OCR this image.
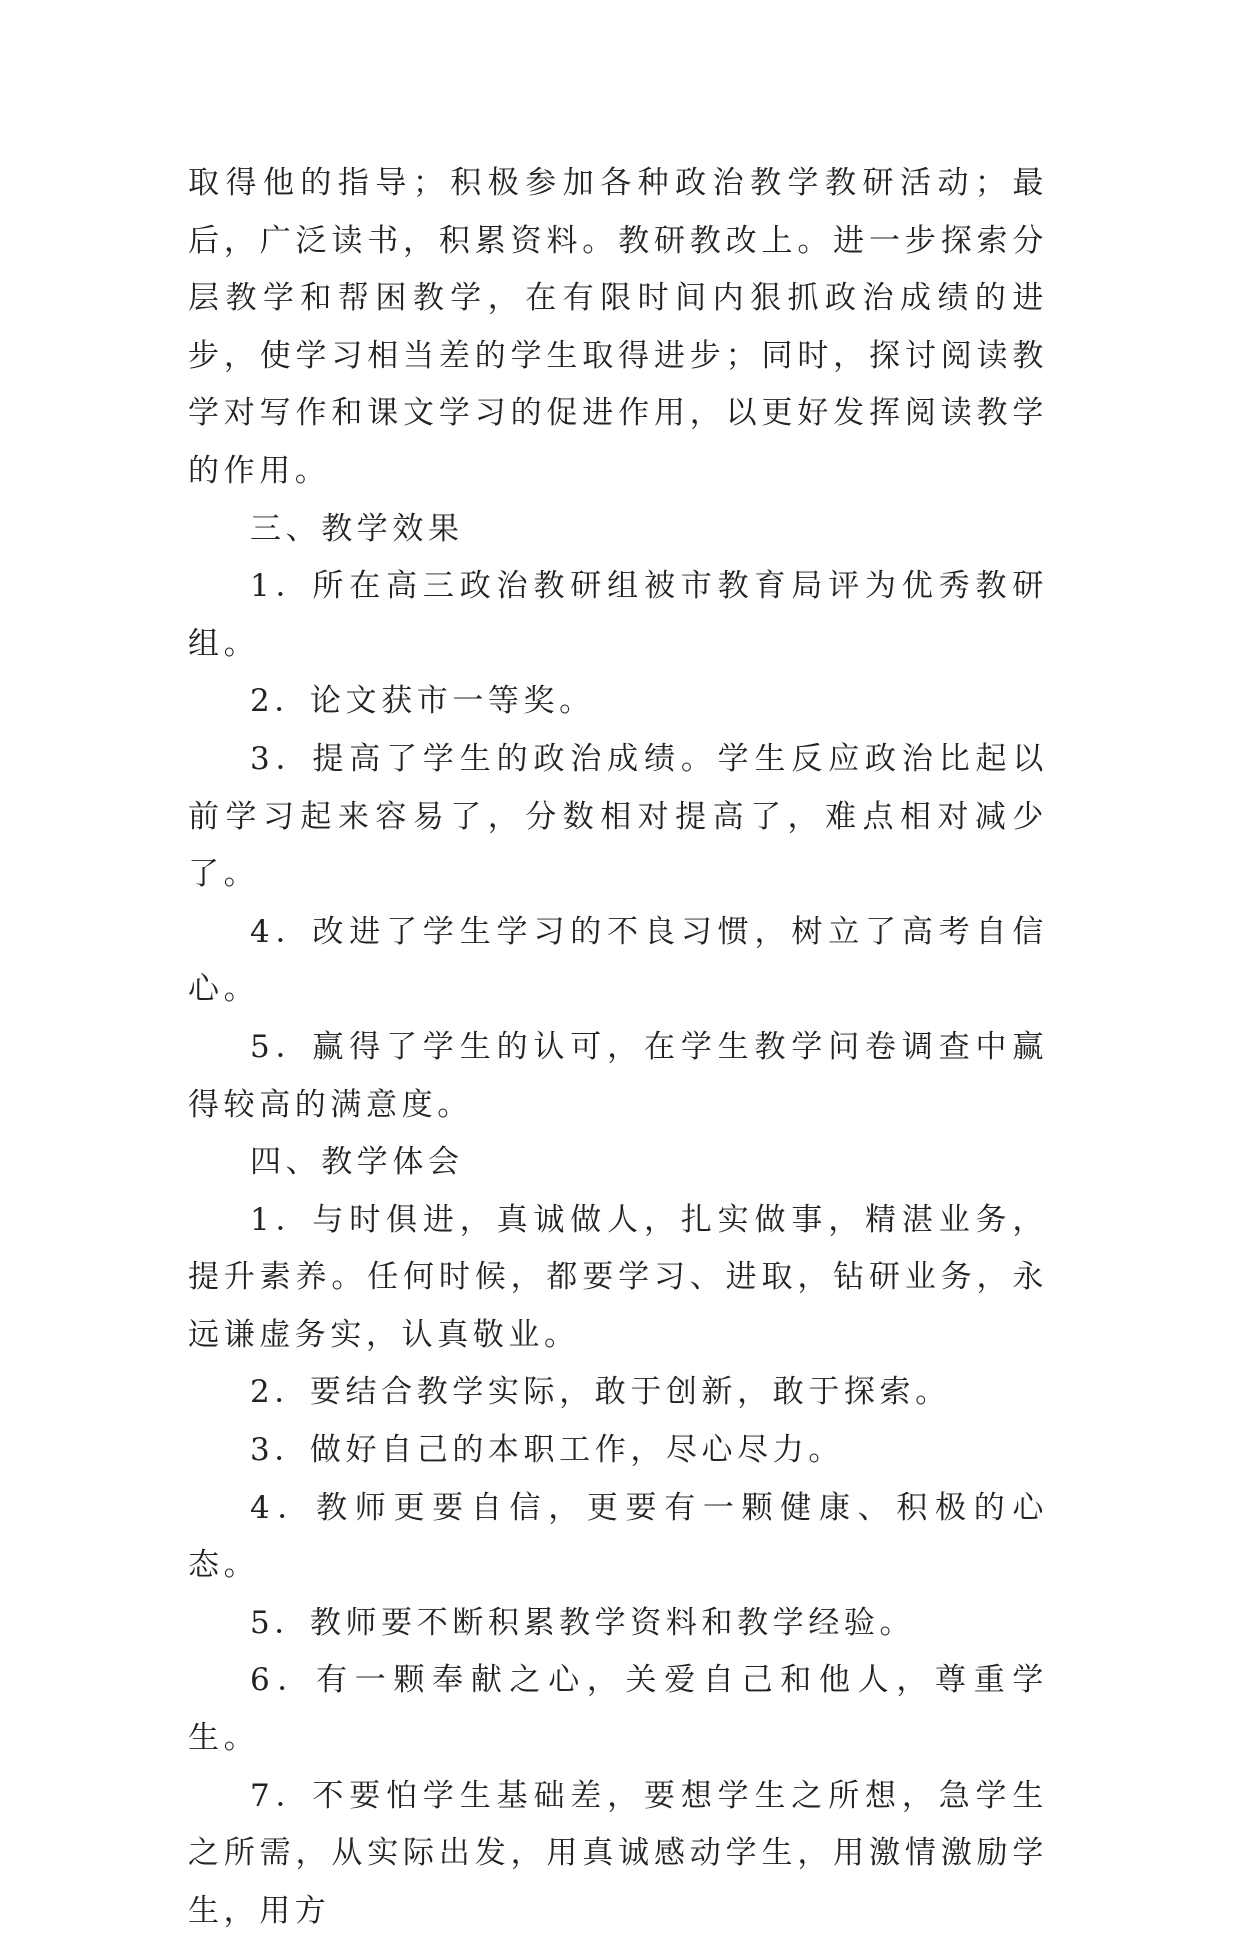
取得他的指导；积极参加各种政治教学教研活动；最后，广泛读书，积累资料。教研教改上。进一步探索分层教学和帮困教学，在有限时间内狠抓政治成绩的进步，使学习相当差的学生取得进步；同时，探讨阅读教学对写作和课文学习的促进作用，以更好发挥阅读教学的作用。

三、教学效果

1．所在高三政治教研组被市教育局评为优秀教研组。

2．论文获市一等奖。

3．提高了学生的政治成绩。学生反应政治比起以前学习起来容易了，分数相对提高了，难点相对减少了。

4．改进了学生学习的不良习惯，树立了高考自信心。

5．赢得了学生的认可，在学生教学问卷调查中赢得较高的满意度。

四、教学体会

1．与时俱进，真诚做人，扎实做事，精湛业务，提升素养。任何时候，都要学习、进取，钻研业务，永远谦虚务实，认真敬业。

2．要结合教学实际，敢于创新，敢于探索。

3．做好自己的本职工作，尽心尽力。

4．教师更要自信，更要有一颗健康、积极的心态。

5．教师要不断积累教学资料和教学经验。

6．有一颗奉献之心，关爱自己和他人，尊重学生。

7．不要怕学生基础差，要想学生之所想，急学生之所需，从实际出发，用真诚感动学生，用激情激励学生，用方
